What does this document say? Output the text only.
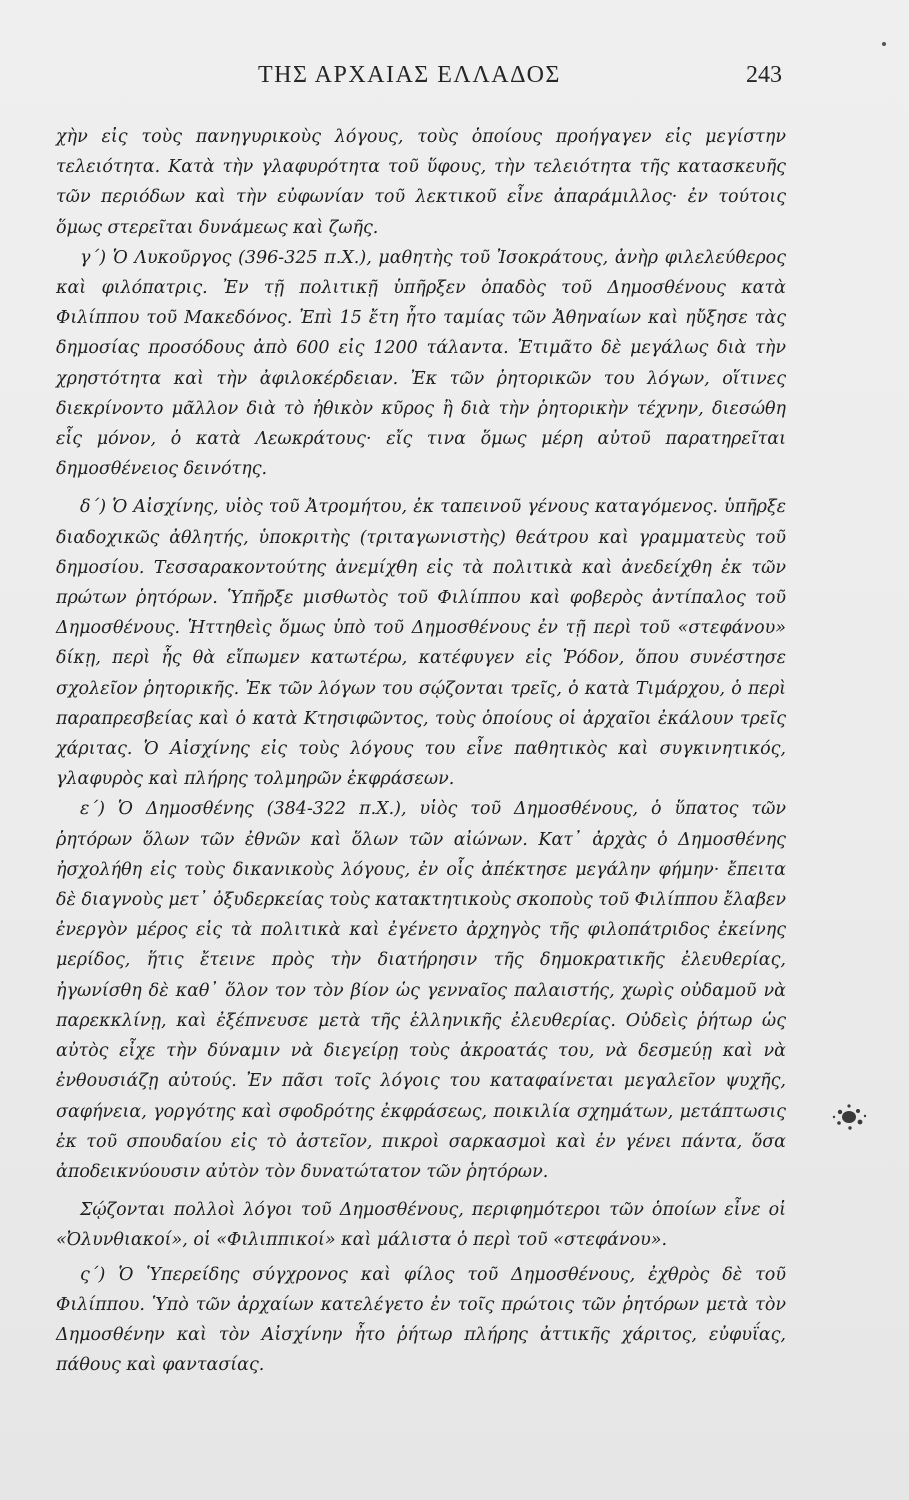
ΤΗΣ ΑΡΧΑΙΑΣ ΕΛΛΑΔΟΣ	243

χὴν εἰς τοὺς πανηγυρικοὺς λόγους, τοὺς ὁποίους προήγαγεν εἰς μεγίστην τελειότητα. Κατὰ τὴν γλαφυρότητα τοῦ ὕφους, τὴν τελειότητα τῆς κατασκευῆς τῶν περιόδων καὶ τὴν εὐφωνίαν τοῦ λεκτικοῦ εἶνε ἀπαράμιλλος· ἐν τούτοις ὅμως στερεῖται δυνάμεως καὶ ζωῆς.

γ΄) Ὁ Λυκοῦργος (396-325 π.Χ.), μαθητὴς τοῦ Ἰσοκράτους, ἀνὴρ φιλελεύθερος καὶ φιλόπατρις. Ἐν τῇ πολιτικῇ ὑπῆρξεν ὀπαδὸς τοῦ Δημοσθένους κατὰ Φιλίππου τοῦ Μακεδόνος. Ἐπὶ 15 ἔτη ἦτο ταμίας τῶν Ἀθηναίων καὶ ηὔξησε τὰς δημοσίας προσόδους ἀπὸ 600 εἰς 1200 τάλαντα. Ἐτιμᾶτο δὲ μεγάλως διὰ τὴν χρηστότητα καὶ τὴν ἀφιλοκέρδειαν. Ἐκ τῶν ῥητορικῶν του λόγων, οἵτινες διεκρίνοντο μᾶλλον διὰ τὸ ἠθικὸν κῦρος ἢ διὰ τὴν ῥητορικὴν τέχνην, διεσώθη εἷς μόνον, ὁ κατὰ Λεωκράτους· εἴς τινα ὅμως μέρη αὐτοῦ παρατηρεῖται δημοσθένειος δεινότης.

δ΄) Ὁ Αἰσχίνης, υἱὸς τοῦ Ἀτρομήτου, ἐκ ταπεινοῦ γένους καταγόμενος. ὑπῆρξε διαδοχικῶς ἀθλητής, ὑποκριτὴς (τριταγωνιστὴς) θεάτρου καὶ γραμματεὺς τοῦ δημοσίου. Τεσσαρακοντούτης ἀνεμίχθη εἰς τὰ πολιτικὰ καὶ ἀνεδείχθη ἐκ τῶν πρώτων ῥητόρων. Ὑπῆρξε μισθωτὸς τοῦ Φιλίππου καὶ φοβερὸς ἀντίπαλος τοῦ Δημοσθένους. Ἡττηθεὶς ὅμως ὑπὸ τοῦ Δημοσθένους ἐν τῇ περὶ τοῦ «στεφάνου» δίκῃ, περὶ ἧς θὰ εἴπωμεν κατωτέρω, κατέφυγεν εἰς Ῥόδον, ὅπου συνέστησε σχολεῖον ῥητορικῆς. Ἐκ τῶν λόγων του σῴζονται τρεῖς, ὁ κατὰ Τιμάρχου, ὁ περὶ παραπρεσβείας καὶ ὁ κατὰ Κτησιφῶντος, τοὺς ὁποίους οἱ ἀρχαῖοι ἐκάλουν τρεῖς χάριτας. Ὁ Αἰσχίνης εἰς τοὺς λόγους του εἶνε παθητικὸς καὶ συγκινητικός, γλαφυρὸς καὶ πλήρης τολμηρῶν ἐκφράσεων.

ε΄) Ὁ Δημοσθένης (384-322 π.Χ.), υἱὸς τοῦ Δημοσθένους, ὁ ὕπατος τῶν ῥητόρων ὅλων τῶν ἐθνῶν καὶ ὅλων τῶν αἰώνων. Κατ᾿ ἀρχὰς ὁ Δημοσθένης ἠσχολήθη εἰς τοὺς δικανικοὺς λόγους, ἐν οἷς ἀπέκτησε μεγάλην φήμην· ἔπειτα δὲ διαγνοὺς μετ᾿ ὀξυδερκείας τοὺς κατακτητικοὺς σκοποὺς τοῦ Φιλίππου ἔλαβεν ἐνεργὸν μέρος εἰς τὰ πολιτικὰ καὶ ἐγένετο ἀρχηγὸς τῆς φιλοπάτριδος ἐκείνης μερίδος, ἥτις ἔτεινε πρὸς τὴν διατήρησιν τῆς δημοκρατικῆς ἐλευθερίας, ἠγωνίσθη δὲ καθ᾿ ὅλον τον τὸν βίον ὡς γενναῖος παλαιστής, χωρὶς οὐδαμοῦ νὰ παρεκκλίνῃ, καὶ ἐξέπνευσε μετὰ τῆς ἑλληνικῆς ἐλευθερίας. Οὐδεὶς ῥήτωρ ὡς αὐτὸς εἶχε τὴν δύναμιν νὰ διεγείρῃ τοὺς ἀκροατάς του, νὰ δεσμεύῃ καὶ νὰ ἐνθουσιάζῃ αὐτούς. Ἐν πᾶσι τοῖς λόγοις του καταφαίνεται μεγαλεῖον ψυχῆς, σαφήνεια, γοργότης καὶ σφοδρότης ἐκφράσεως, ποικιλία σχημάτων, μετάπτωσις ἐκ τοῦ σπουδαίου εἰς τὸ ἀστεῖον, πικροὶ σαρκασμοὶ καὶ ἐν γένει πάντα, ὅσα ἀποδεικνύουσιν αὐτὸν τὸν δυνατώτατον τῶν ῥητόρων.

Σῴζονται πολλοὶ λόγοι τοῦ Δημοσθένους, περιφημότεροι τῶν ὁποίων εἶνε οἱ «Ὀλυνθιακοί», οἱ «Φιλιππικοί» καὶ μάλιστα ὁ περὶ τοῦ «στεφάνου».

ς΄) Ὁ Ὑπερείδης σύγχρονος καὶ φίλος τοῦ Δημοσθένους, ἐχθρὸς δὲ τοῦ Φιλίππου. Ὑπὸ τῶν ἀρχαίων κατελέγετο ἐν τοῖς πρώτοις τῶν ῥητόρων μετὰ τὸν Δημοσθένην καὶ τὸν Αἰσχίνην ἦτο ῥήτωρ πλήρης ἀττικῆς χάριτος, εὐφυΐας, πάθους καὶ φαντασίας.
